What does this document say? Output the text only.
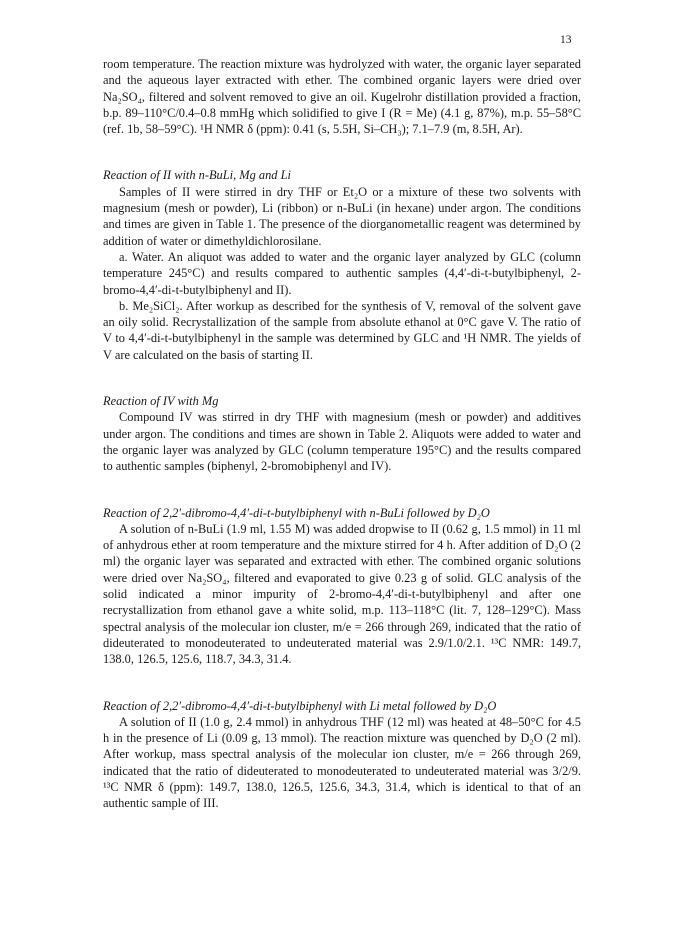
13

room temperature. The reaction mixture was hydrolyzed with water, the organic layer separated and the aqueous layer extracted with ether. The combined organic layers were dried over Na₂SO₄, filtered and solvent removed to give an oil. Kugelrohr distillation provided a fraction, b.p. 89–110°C/0.4–0.8 mmHg which solidified to give I (R = Me) (4.1 g, 87%), m.p. 55–58°C (ref. 1b, 58–59°C). ¹H NMR δ (ppm): 0.41 (s, 5.5H, Si–CH₃); 7.1–7.9 (m, 8.5H, Ar).

Reaction of II with n-BuLi, Mg and Li

Samples of II were stirred in dry THF or Et₂O or a mixture of these two solvents with magnesium (mesh or powder), Li (ribbon) or n-BuLi (in hexane) under argon. The conditions and times are given in Table 1. The presence of the diorganometallic reagent was determined by addition of water or dimethyldichlorosilane.

a. Water. An aliquot was added to water and the organic layer analyzed by GLC (column temperature 245°C) and results compared to authentic samples (4,4′-di-t-butylbiphenyl, 2-bromo-4,4′-di-t-butylbiphenyl and II).

b. Me₂SiCl₂. After workup as described for the synthesis of V, removal of the solvent gave an oily solid. Recrystallization of the sample from absolute ethanol at 0°C gave V. The ratio of V to 4,4′-di-t-butylbiphenyl in the sample was determined by GLC and ¹H NMR. The yields of V are calculated on the basis of starting II.

Reaction of IV with Mg

Compound IV was stirred in dry THF with magnesium (mesh or powder) and additives under argon. The conditions and times are shown in Table 2. Aliquots were added to water and the organic layer was analyzed by GLC (column temperature 195°C) and the results compared to authentic samples (biphenyl, 2-bromobiphenyl and IV).

Reaction of 2,2′-dibromo-4,4′-di-t-butylbiphenyl with n-BuLi followed by D₂O

A solution of n-BuLi (1.9 ml, 1.55 M) was added dropwise to II (0.62 g, 1.5 mmol) in 11 ml of anhydrous ether at room temperature and the mixture stirred for 4 h. After addition of D₂O (2 ml) the organic layer was separated and extracted with ether. The combined organic solutions were dried over Na₂SO₄, filtered and evaporated to give 0.23 g of solid. GLC analysis of the solid indicated a minor impurity of 2-bromo-4,4′-di-t-butylbiphenyl and after one recrystallization from ethanol gave a white solid, m.p. 113–118°C (lit. 7, 128–129°C). Mass spectral analysis of the molecular ion cluster, m/e = 266 through 269, indicated that the ratio of dideuterated to monodeuterated to undeuterated material was 2.9/1.0/2.1. ¹³C NMR: 149.7, 138.0, 126.5, 125.6, 118.7, 34.3, 31.4.

Reaction of 2,2′-dibromo-4,4′-di-t-butylbiphenyl with Li metal followed by D₂O

A solution of II (1.0 g, 2.4 mmol) in anhydrous THF (12 ml) was heated at 48–50°C for 4.5 h in the presence of Li (0.09 g, 13 mmol). The reaction mixture was quenched by D₂O (2 ml). After workup, mass spectral analysis of the molecular ion cluster, m/e = 266 through 269, indicated that the ratio of dideuterated to monodeuterated to undeuterated material was 3/2/9. ¹³C NMR δ (ppm): 149.7, 138.0, 126.5, 125.6, 34.3, 31.4, which is identical to that of an authentic sample of III.
